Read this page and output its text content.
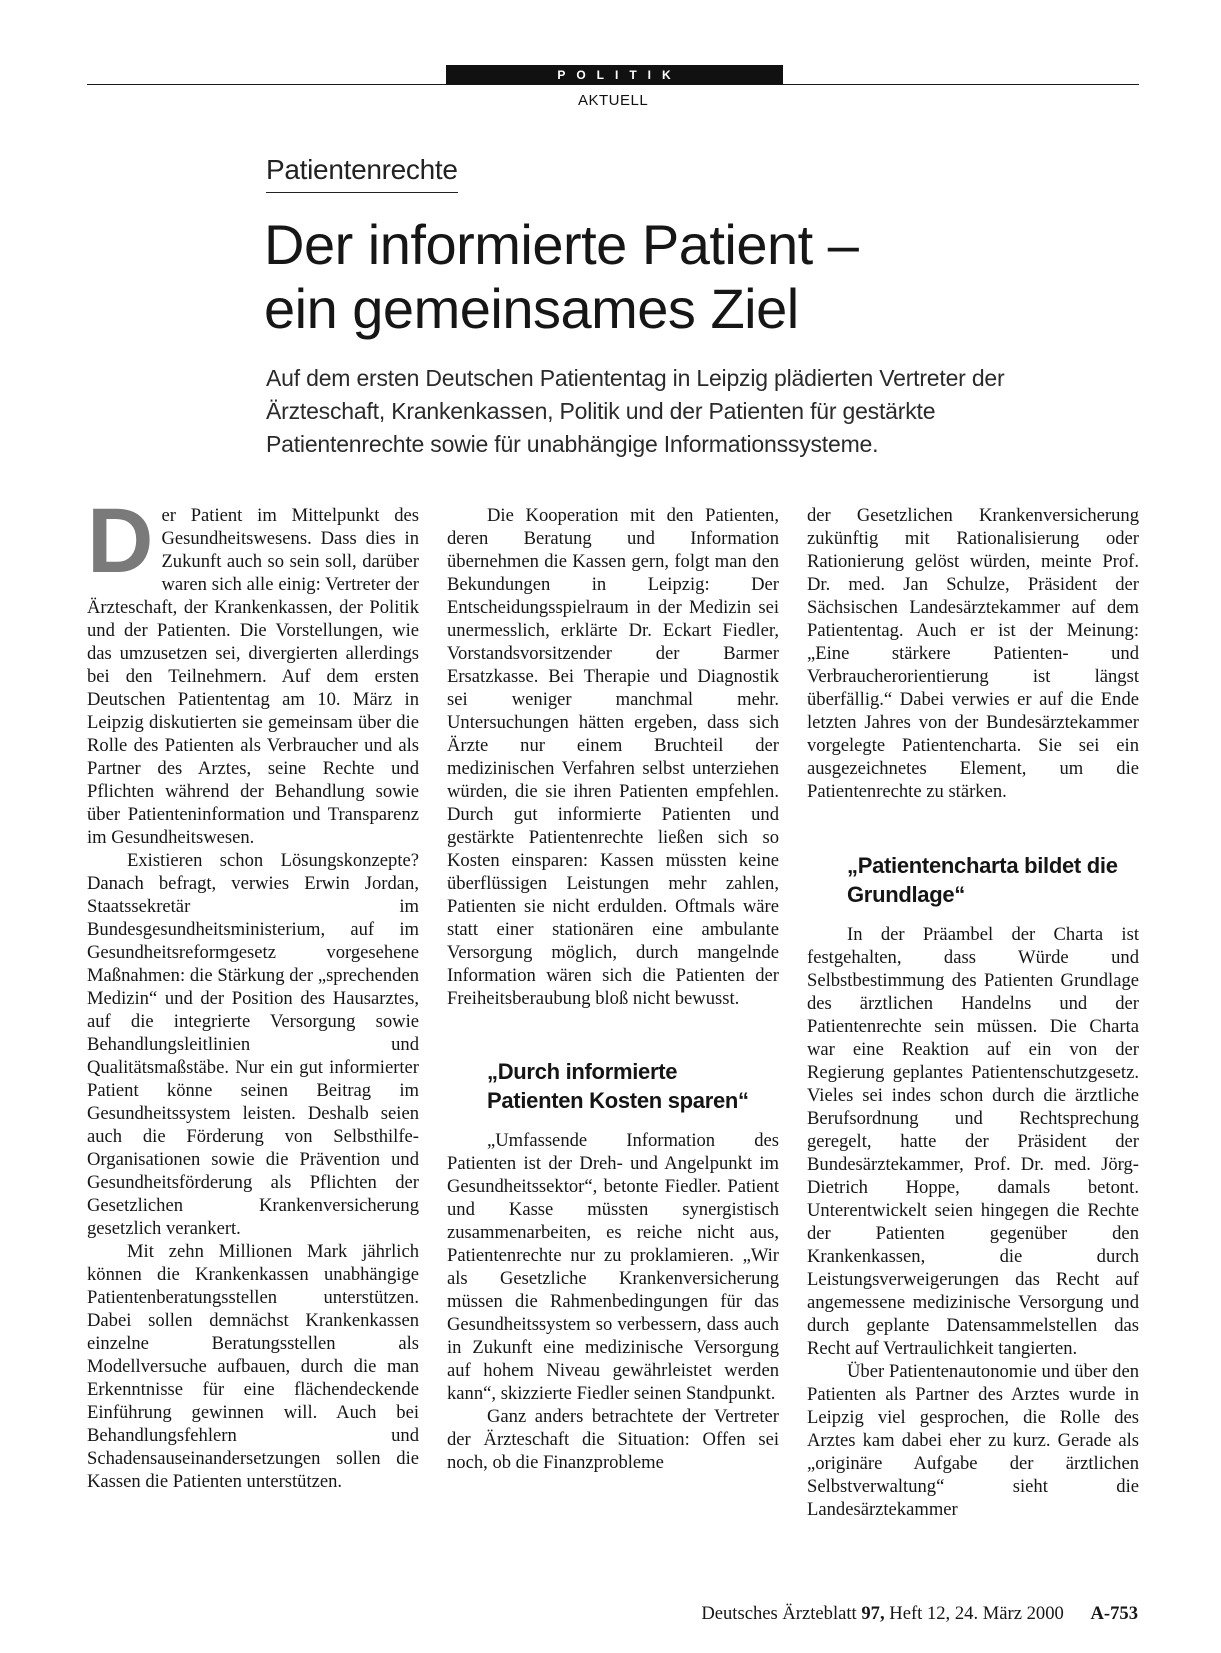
POLITIK
AKTUELL
Patientenrechte
Der informierte Patient –
ein gemeinsames Ziel

Auf dem ersten Deutschen Patiententag in Leipzig plädierten Vertreter der Ärzteschaft, Krankenkassen, Politik und der Patienten für gestärkte Patientenrechte sowie für unabhängige Informationssysteme.

D er Patient im Mittelpunkt des Gesundheitswesens. Dass dies in Zukunft auch so sein soll, darüber waren sich alle einig: Vertreter der Ärzteschaft, der Krankenkassen, der Politik und der Patienten. Die Vorstellungen, wie das umzusetzen sei, divergierten allerdings bei den Teilnehmern. Auf dem ersten Deutschen Patiententag am 10. März in Leipzig diskutierten sie gemeinsam über die Rolle des Patienten als Verbraucher und als Partner des Arztes, seine Rechte und Pflichten während der Behandlung sowie über Patienteninformation und Transparenz im Gesundheitswesen.

Existieren schon Lösungskonzepte? Danach befragt, verwies Erwin Jordan, Staatssekretär im Bundesgesundheitsministerium, auf im Gesundheitsreformgesetz vorgesehene Maßnahmen: die Stärkung der „sprechenden Medizin“ und der Position des Hausarztes, auf die integrierte Versorgung sowie Behandlungsleitlinien und Qualitätsmaßstäbe. Nur ein gut informierter Patient könne seinen Beitrag im Gesundheitssystem leisten. Deshalb seien auch die Förderung von Selbsthilfe-Organisationen sowie die Prävention und Gesundheitsförderung als Pflichten der Gesetzlichen Krankenversicherung gesetzlich verankert.

Mit zehn Millionen Mark jährlich können die Krankenkassen unabhängige Patientenberatungsstellen unterstützen. Dabei sollen demnächst Krankenkassen einzelne Beratungsstellen als Modellversuche aufbauen, durch die man Erkenntnisse für eine flächendeckende Einführung gewinnen will. Auch bei Behandlungsfehlern und Schadensauseinandersetzungen sollen die Kassen die Patienten unterstützen.

Die Kooperation mit den Patienten, deren Beratung und Information übernehmen die Kassen gern, folgt man den Bekundungen in Leipzig: Der Entscheidungsspielraum in der Medizin sei unermesslich, erklärte Dr. Eckart Fiedler, Vorstandsvorsitzender der Barmer Ersatzkasse. Bei Therapie und Diagnostik sei weniger manchmal mehr. Untersuchungen hätten ergeben, dass sich Ärzte nur einem Bruchteil der medizinischen Verfahren selbst unterziehen würden, die sie ihren Patienten empfehlen. Durch gut informierte Patienten und gestärkte Patientenrechte ließen sich so Kosten einsparen: Kassen müssten keine überflüssigen Leistungen mehr zahlen, Patienten sie nicht erdulden. Oftmals wäre statt einer stationären eine ambulante Versorgung möglich, durch mangelnde Information wären sich die Patienten der Freiheitsberaubung bloß nicht bewusst.

„Durch informierte Patienten Kosten sparen“

„Umfassende Information des Patienten ist der Dreh- und Angelpunkt im Gesundheitssektor“, betonte Fiedler. Patient und Kasse müssten synergistisch zusammenarbeiten, es reiche nicht aus, Patientenrechte nur zu proklamieren. „Wir als Gesetzliche Krankenversicherung müssen die Rahmenbedingungen für das Gesundheitssystem so verbessern, dass auch in Zukunft eine medizinische Versorgung auf hohem Niveau gewährleistet werden kann“, skizzierte Fiedler seinen Standpunkt.

Ganz anders betrachtete der Vertreter der Ärzteschaft die Situation: Offen sei noch, ob die Finanzprobleme

der Gesetzlichen Krankenversicherung zukünftig mit Rationalisierung oder Rationierung gelöst würden, meinte Prof. Dr. med. Jan Schulze, Präsident der Sächsischen Landesärztekammer auf dem Patiententag. Auch er ist der Meinung: „Eine stärkere Patienten- und Verbraucherorientierung ist längst überfällig.“ Dabei verwies er auf die Ende letzten Jahres von der Bundesärztekammer vorgelegte Patientencharta. Sie sei ein ausgezeichnetes Element, um die Patientenrechte zu stärken.

„Patientencharta bildet die Grundlage“

In der Präambel der Charta ist festgehalten, dass Würde und Selbstbestimmung des Patienten Grundlage des ärztlichen Handelns und der Patientenrechte sein müssen. Die Charta war eine Reaktion auf ein von der Regierung geplantes Patientenschutzgesetz. Vieles sei indes schon durch die ärztliche Berufsordnung und Rechtsprechung geregelt, hatte der Präsident der Bundesärztekammer, Prof. Dr. med. Jörg-Dietrich Hoppe, damals betont. Unterentwickelt seien hingegen die Rechte der Patienten gegenüber den Krankenkassen, die durch Leistungsverweigerungen das Recht auf angemessene medizinische Versorgung und durch geplante Datensammelstellen das Recht auf Vertraulichkeit tangierten.

Über Patientenautonomie und über den Patienten als Partner des Arztes wurde in Leipzig viel gesprochen, die Rolle des Arztes kam dabei eher zu kurz. Gerade als „originäre Aufgabe der ärztlichen Selbstverwaltung“ sieht die Landesärztekammer

Deutsches Ärzteblatt 97, Heft 12, 24. März 2000 A-753
